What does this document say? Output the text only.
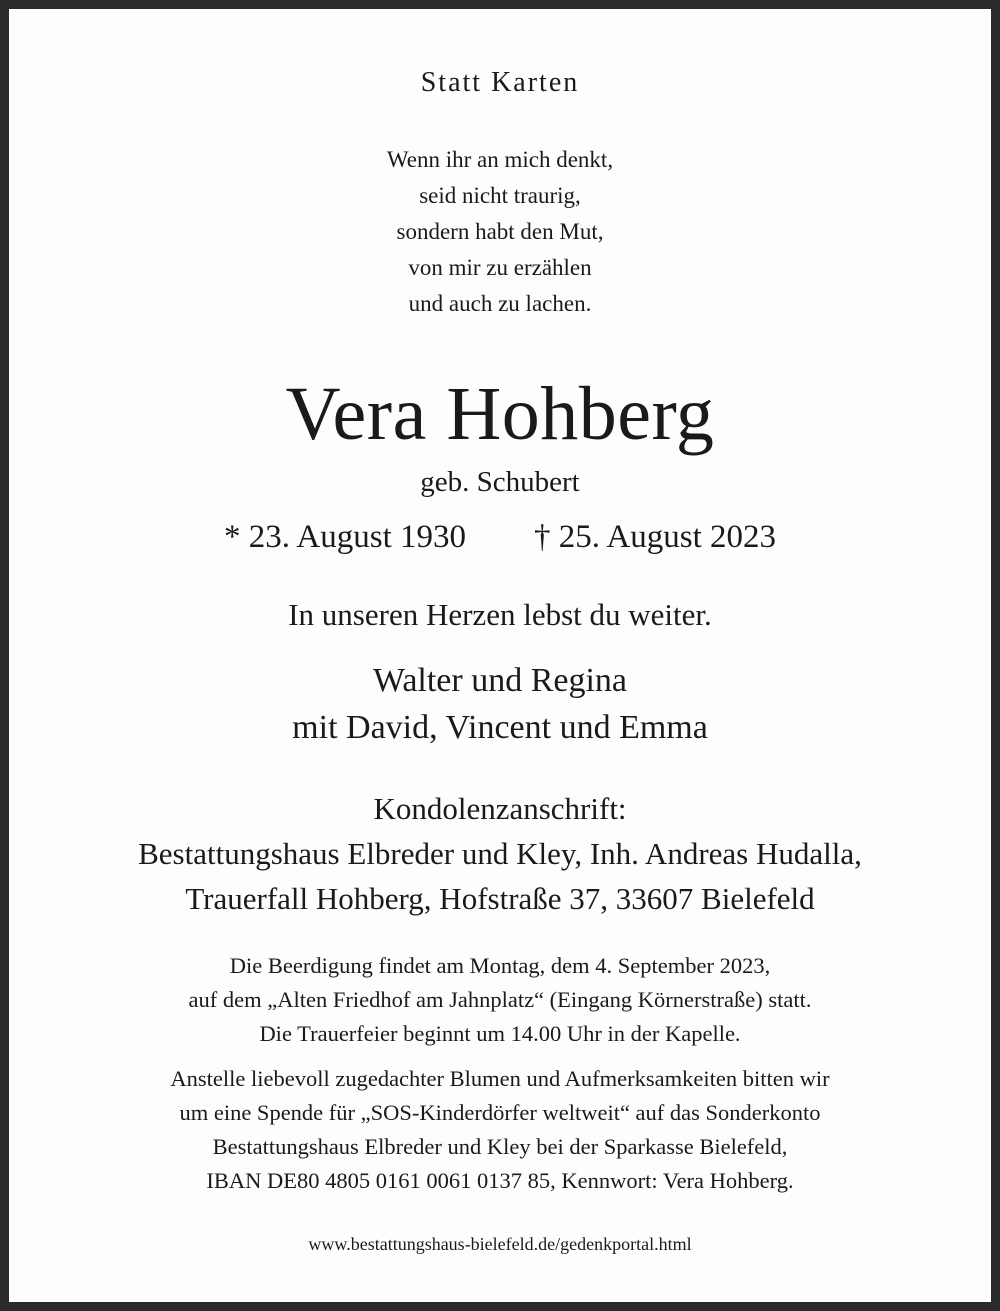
Statt Karten
Wenn ihr an mich denkt,
seid nicht traurig,
sondern habt den Mut,
von mir zu erzählen
und auch zu lachen.
Vera Hohberg
geb. Schubert
* 23. August 1930 † 25. August 2023
In unseren Herzen lebst du weiter.
Walter und Regina
mit David, Vincent und Emma
Kondolenzanschrift:
Bestattungshaus Elbreder und Kley, Inh. Andreas Hudalla,
Trauerfall Hohberg, Hofstraße 37, 33607 Bielefeld
Die Beerdigung findet am Montag, dem 4. September 2023,
auf dem „Alten Friedhof am Jahnplatz“ (Eingang Körnerstraße) statt.
Die Trauerfeier beginnt um 14.00 Uhr in der Kapelle.
Anstelle liebevoll zugedachter Blumen und Aufmerksamkeiten bitten wir
um eine Spende für „SOS-Kinderdörfer weltweit“ auf das Sonderkonto
Bestattungshaus Elbreder und Kley bei der Sparkasse Bielefeld,
IBAN DE80 4805 0161 0061 0137 85, Kennwort: Vera Hohberg.
www.bestattungshaus-bielefeld.de/gedenkportal.html
